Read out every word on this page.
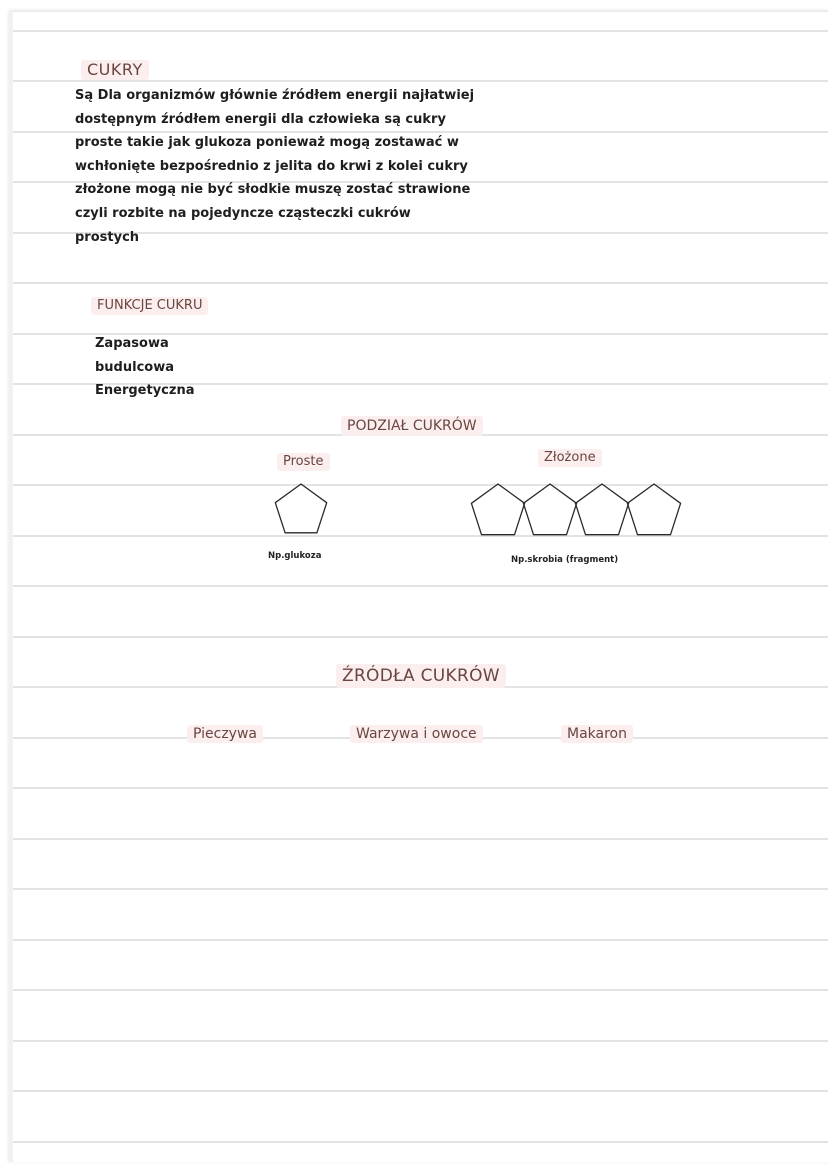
CUKRY
Są Dla organizmów głównie źródłem energii najłatwiej
dostępnym źródłem energii dla człowieka są cukry
proste takie jak glukoza ponieważ mogą zostawać w
wchłonięte bezpośrednio z jelita do krwi z kolei cukry
złożone mogą nie być słodkie muszę zostać strawione
czyli rozbite na pojedyncze cząsteczki cukrów
prostych
FUNKCJE CUKRU
Zapasowa
budulcowa
Energetyczna
PODZIAŁ CUKRÓW
Proste	Złożone
Np.glukoza	Np.skrobia (fragment)
ŹRÓDŁA CUKRÓW
Pieczywa	Warzywa i owoce	Makaron
